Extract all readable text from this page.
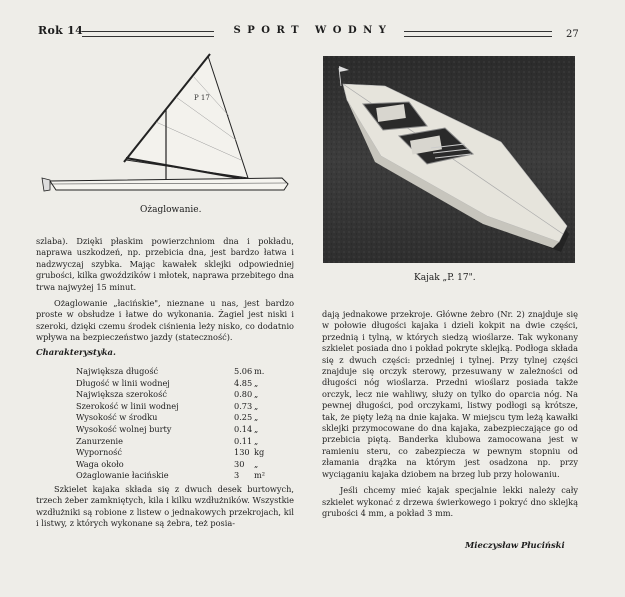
Rok 14	SPORT WODNY	27
P 17
Ożaglowanie.
Kajak „P. 17".

szlaba). Dzięki płaskim powierzchniom dna i pokładu, naprawa uszkodzeń, np. przebicia dna, jest bardzo łatwa i nadzwyczaj szybka. Mając kawałek sklejki odpowiedniej grubości, kilka gwoździków i młotek, naprawa przebitego dna trwa najwyżej 15 minut.

Ożaglowanie „łacińskie", nieznane u nas, jest bardzo proste w obsłudze i łatwe do wykonania. Żagiel jest niski i szeroki, dzięki czemu środek ciśnienia leży nisko, co dodatnio wpływa na bezpieczeństwo jazdy (stateczność).

Charakterystyka.

Największa długość	5.06 m.
Długość w linii wodnej	4.85 „
Największa szerokość	0.80 „
Szerokość w linii wodnej	0.73 „
Wysokość w środku	0.25 „
Wysokość wolnej burty	0.14 „
Zanurzenie	0.11 „
Wyporność	130 kg
Waga około	30 „
Ożaglowanie łacińskie	3 m²

Szkielet kajaka składa się z dwuch desek burtowych, trzech żeber zamkniętych, kila i kilku wzdłużników. Wszystkie wzdłużniki są robione z listew o jednakowych przekrojach, kil i listwy, z których wykonane są żebra, też posia-

dają jednakowe przekroje. Główne żebro (Nr. 2) znajduje się w połowie długości kajaka i dzieli kokpit na dwie części, przednią i tylną, w których siedzą wioślarze. Tak wykonany szkielet posiada dno i pokład pokryte sklejką. Podłoga składa się z dwuch części: przedniej i tylnej. Przy tylnej części znajduje się orczyk sterowy, przesuwany w zależności od długości nóg wioślarza. Przedni wioślarz posiada także orczyk, lecz nie wahliwy, służy on tylko do oparcia nóg. Na pewnej długości, pod orczykami, listwy podłogi są krótsze, tak, że pięty leżą na dnie kajaka. W miejscu tym leżą kawałki sklejki przymocowane do dna kajaka, zabezpieczające go od przebicia piętą. Banderka klubowa zamocowana jest w ramieniu steru, co zabezpiecza w pewnym stopniu od złamania drążka na którym jest osadzona np. przy wyciąganiu kajaka dziobem na brzeg lub przy holowaniu.

Jeśli chcemy mieć kajak specjalnie lekki należy cały szkielet wykonać z drzewa świerkowego i pokryć dno sklejką grubości 4 mm, a pokład 3 mm.

Mieczysław Płuciński
